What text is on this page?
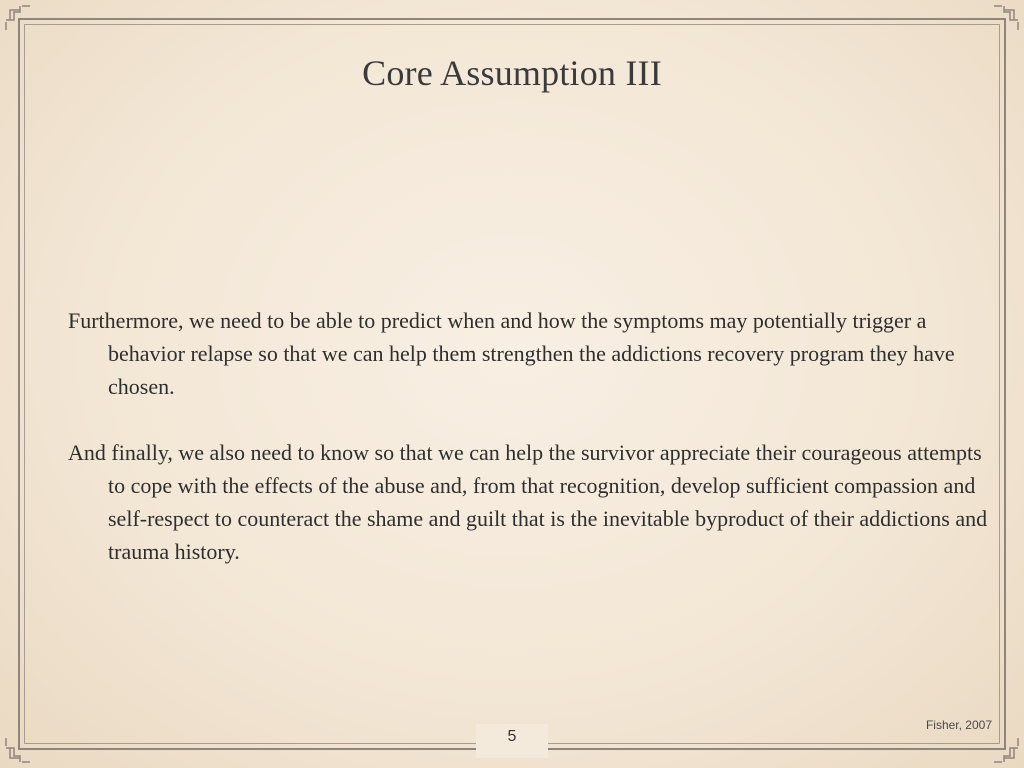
Core Assumption III

Furthermore, we need to be able to predict when and how the symptoms may potentially trigger a behavior relapse so that we can help them strengthen the addictions recovery program they have chosen.

And finally, we also need to know so that we can help the survivor appreciate their courageous attempts to cope with the effects of the abuse and, from that recognition, develop sufficient compassion and self-respect to counteract the shame and guilt that is the inevitable byproduct of their addictions and trauma history.

Fisher, 2007
5
